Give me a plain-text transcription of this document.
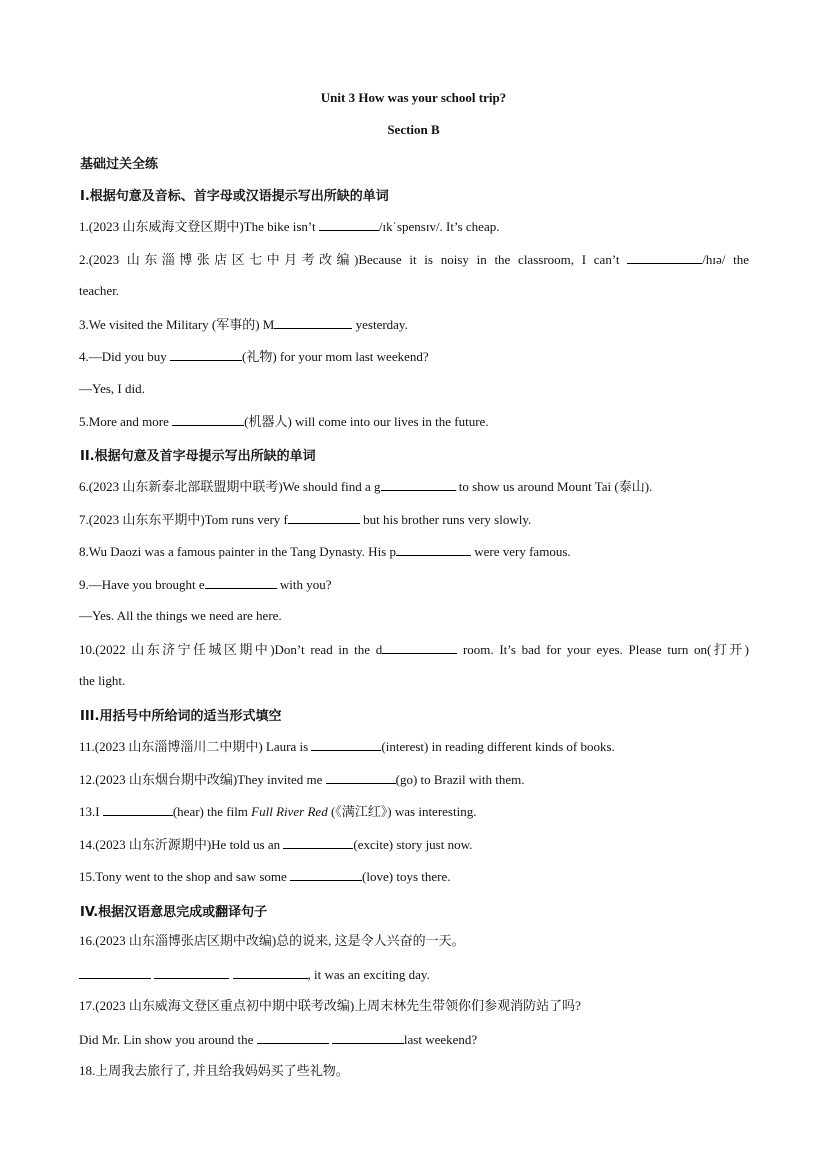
Unit 3 How was your school trip?
Section B
基础过关全练
I.根据句意及音标、首字母或汉语提示写出所缺的单词
1.(2023 山东威海文登区期中)The bike isn’t	/ɪkˈspensɪv/. It’s cheap.
2.(2023 山东淄博张店区七中月考改编)Because it is noisy in the classroom, I can’t	/hɪə/ the
teacher.
3.We visited the Military (军事的) M	yesterday.
4.—Did you buy	(礼物) for your mom last weekend?
—Yes, I did.
5.More and more	(机器人) will come into our lives in the future.
II.根据句意及首字母提示写出所缺的单词
6.(2023 山东新泰北部联盟期中联考)We should find a g	to show us around Mount Tai (泰山).
7.(2023 山东东平期中)Tom runs very f	but his brother runs very slowly.
8.Wu Daozi was a famous painter in the Tang Dynasty. His p	were very famous.
9.—Have you brought e	with you?
—Yes. All the things we need are here.
10.(2022 山东济宁任城区期中)Don’t read in the d	room. It’s bad for your eyes. Please turn on(打开)
the light.
III.用括号中所给词的适当形式填空
11.(2023 山东淄博淄川二中期中) Laura is	(interest) in reading different kinds of books.
12.(2023 山东烟台期中改编)They invited me	(go) to Brazil with them.
13.I	(hear) the film Full River Red (《满江红》) was interesting.
14.(2023 山东沂源期中)He told us an	(excite) story just now.
15.Tony went to the shop and saw some	(love) toys there.
IV.根据汉语意思完成或翻译句子
16.(2023 山东淄博张店区期中改编)总的说来, 这是令人兴奋的一天。
, it was an exciting day.
17.(2023 山东威海文登区重点初中期中联考改编)上周末林先生带领你们参观消防站了吗?
Did Mr. Lin show you around the	last weekend?
18.上周我去旅行了, 并且给我妈妈买了些礼物。
